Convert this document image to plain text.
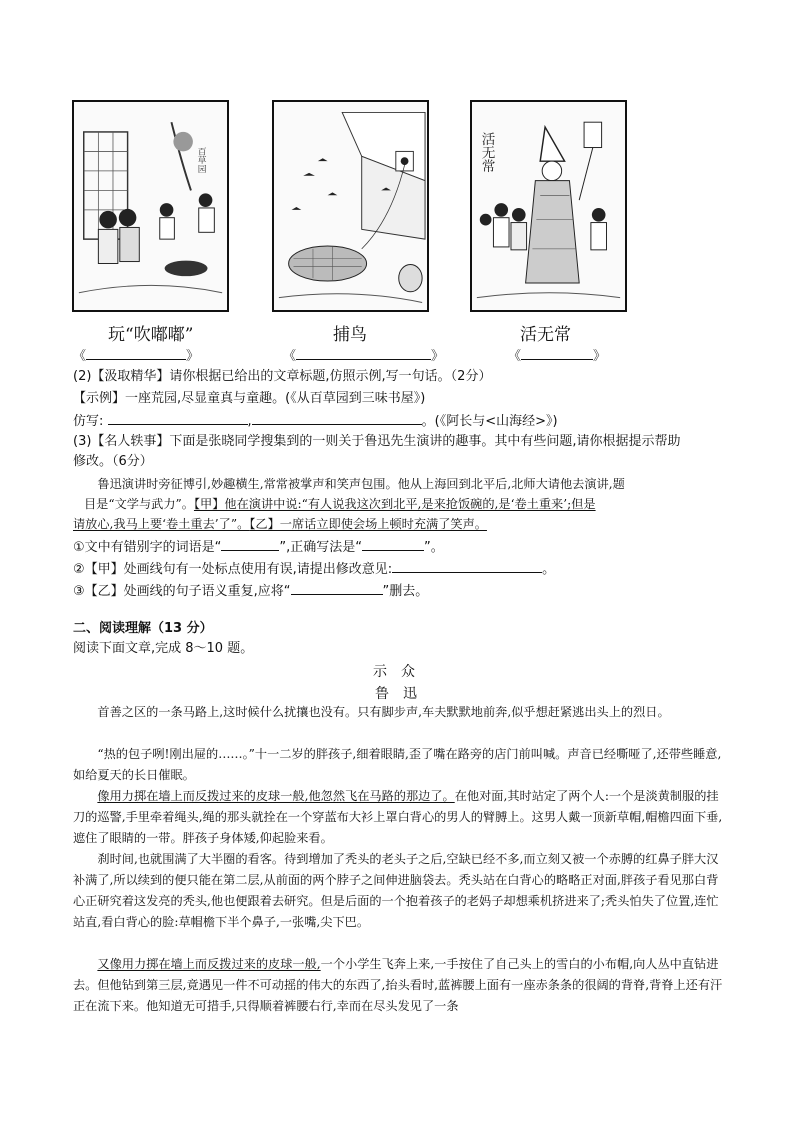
百草园	活无常
玩“吹嘟嘟”	捕鸟	活无常
《	》	《	》	《	》
(2)【汲取精华】请你根据已给出的文章标题,仿照示例,写一句话。（2分）
【示例】一座荒园,尽显童真与童趣。(《从百草园到三味书屋》)
仿写:	,	。(《阿长与<山海经>》)
(3)【名人轶事】下面是张晓同学搜集到的一则关于鲁迅先生演讲的趣事。其中有些问题,请你根据提示帮助
修改。（6分）

鲁迅演讲时旁征博引,妙趣横生,常常被掌声和笑声包围。他从上海回到北平后,北师大请他去演讲,题

目是“文学与武力”。【甲】他在演讲中说:“有人说我这次到北平,是来抢饭碗的,是‘卷土重来’;但是

请放心,我马上要‘卷土重去’了”。【乙】一席话立即使会场上顿时充满了笑声。

①文中有错别字的词语是“	”,正确写法是“	”。
②【甲】处画线句有一处标点使用有误,请提出修改意见:	。
③【乙】处画线的句子语义重复,应将“	”删去。
二、阅读理解（13 分）
阅读下面文章,完成 8～10 题。
示　众
鲁　迅

首善之区的一条马路上,这时候什么扰攘也没有。只有脚步声,车夫默默地前奔,似乎想赶紧逃出头上的烈日。

“热的包子咧!刚出屉的……。”十一二岁的胖孩子,细着眼睛,歪了嘴在路旁的店门前叫喊。声音已经嘶哑了,还带些睡意,如给夏天的长日催眠。

像用力掷在墙上而反拨过来的皮球一般,他忽然飞在马路的那边了。在他对面,其时站定了两个人:一个是淡黄制服的挂刀的巡警,手里牵着绳头,绳的那头就拴在一个穿蓝布大衫上罩白背心的男人的臂膊上。这男人戴一顶新草帽,帽檐四面下垂,遮住了眼睛的一带。胖孩子身体矮,仰起脸来看。

刹时间,也就围满了大半圈的看客。待到增加了秃头的老头子之后,空缺已经不多,而立刻又被一个赤膊的红鼻子胖大汉补满了,所以续到的便只能在第二层,从前面的两个脖子之间伸进脑袋去。秃头站在白背心的略略正对面,胖孩子看见那白背心正研究着这发亮的秃头,他也便跟着去研究。但是后面的一个抱着孩子的老妈子却想乘机挤进来了;秃头怕失了位置,连忙站直,看白背心的脸:草帽檐下半个鼻子,一张嘴,尖下巴。

又像用力掷在墙上而反拨过来的皮球一般,一个小学生飞奔上来,一手按住了自己头上的雪白的小布帽,向人丛中直钻进去。但他钻到第三层,竟遇见一件不可动摇的伟大的东西了,抬头看时,蓝裤腰上面有一座赤条条的很阔的背脊,背脊上还有汗正在流下来。他知道无可措手,只得顺着裤腰右行,幸而在尽头发见了一条
